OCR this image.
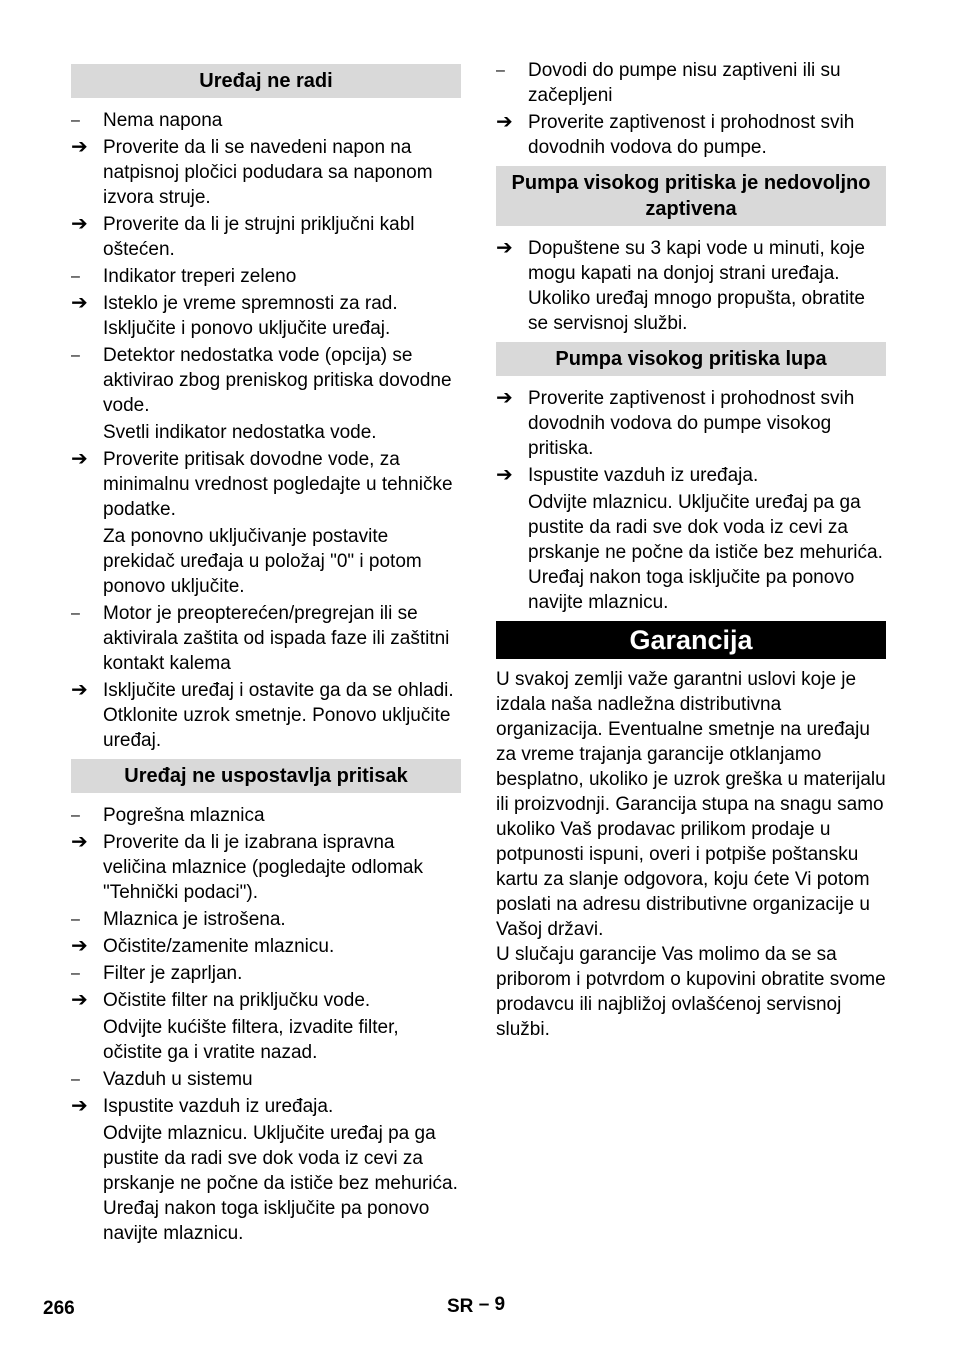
Uređaj ne radi
–	Nema napona
➔ Proverite da li se navedeni napon na natpisnoj pločici podudara sa naponom izvora struje.
➔ Proverite da li je strujni priključni kabl oštećen.
–	Indikator treperi zeleno
➔ Isteklo je vreme spremnosti za rad. Isključite i ponovo uključite uređaj.
–	Detektor nedostatka vode (opcija) se aktivirao zbog preniskog pritiska dovodne vode.
Svetli indikator nedostatka vode.
➔ Proverite pritisak dovodne vode, za minimalnu vrednost pogledajte u tehničke podatke.
Za ponovno uključivanje postavite prekidač uređaja u položaj "0" i potom ponovo uključite.
–	Motor je preopterećen/pregrejan ili se aktivirala zaštita od ispada faze ili zaštitni kontakt kalema
➔ Isključite uređaj i ostavite ga da se ohladi. Otklonite uzrok smetnje. Ponovo uključite uređaj.
Uređaj ne uspostavlja pritisak
–	Pogrešna mlaznica
➔ Proverite da li je izabrana ispravna veličina mlaznice (pogledajte odlomak "Tehnički podaci").
–	Mlaznica je istrošena.
➔ Očistite/zamenite mlaznicu.
–	Filter je zaprljan.
➔ Očistite filter na priključku vode.
Odvijte kućište filtera, izvadite filter, očistite ga i vratite nazad.
–	Vazduh u sistemu
➔ Ispustite vazduh iz uređaja.
Odvijte mlaznicu. Uključite uređaj pa ga pustite da radi sve dok voda iz cevi za prskanje ne počne da ističe bez mehurića. Uređaj nakon toga isključite pa ponovo navijte mlaznicu.
–	Dovodi do pumpe nisu zaptiveni ili su začepljeni
➔ Proverite zaptivenost i prohodnost svih dovodnih vodova do pumpe.
Pumpa visokog pritiska je nedovoljno zaptivena
➔ Dopuštene su 3 kapi vode u minuti, koje mogu kapati na donjoj strani uređaja. Ukoliko uređaj mnogo propušta, obratite se servisnoj službi.
Pumpa visokog pritiska lupa
➔ Proverite zaptivenost i prohodnost svih dovodnih vodova do pumpe visokog pritiska.
➔ Ispustite vazduh iz uređaja.
Odvijte mlaznicu. Uključite uređaj pa ga pustite da radi sve dok voda iz cevi za prskanje ne počne da ističe bez mehurića. Uređaj nakon toga isključite pa ponovo navijte mlaznicu.
Garancija
U svakoj zemlji važe garantni uslovi koje je izdala naša nadležna distributivna organizacija. Eventualne smetnje na uređaju za vreme trajanja garancije otklanjamo besplatno, ukoliko je uzrok greška u materijalu ili proizvodnji. Garancija stupa na snagu samo ukoliko Vaš prodavac prilikom prodaje u potpunosti ispuni, overi i potpiše poštansku kartu za slanje odgovora, koju ćete Vi potom poslati na adresu distributivne organizacije u Vašoj državi.
U slučaju garancije Vas molimo da se sa priborom i potvrdom o kupovini obratite svome prodavcu ili najbližoj ovlašćenoj servisnoj službi.
266	SR – 9
